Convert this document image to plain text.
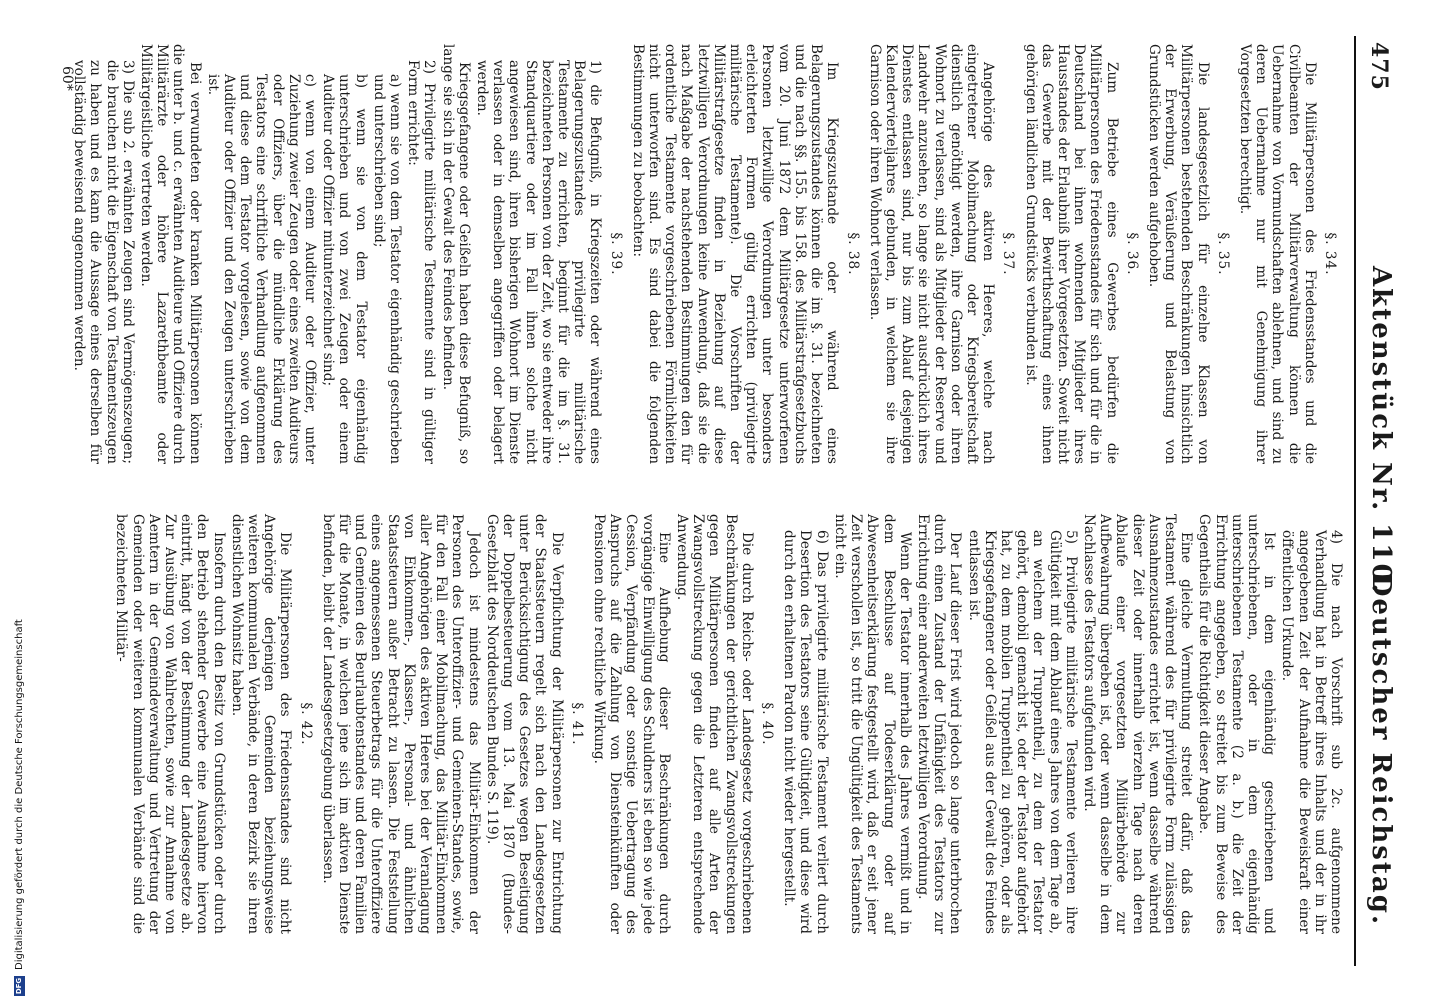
475
Aktenstück Nr. 110.
Deutscher Reichstag.

4) Die nach Vorschrift sub 2c. aufgenommene Verhandlung hat in Betreff ihres Inhalts und der in ihr angegebenen Zeit der Aufnahme die Beweiskraft einer öffentlichen Urkunde.

Ist in dem eigenhändig geschriebenen und unterschriebenen, oder in dem eigenhändig unterschriebenen Testamente (2 a. b.) die Zeit der Errichtung angegeben, so streitet bis zum Beweise des Gegentheils für die Richtigkeit dieser Angabe.

Eine gleiche Vermuthung streitet dafür, daß das Testament während des für privilegirte Form zulässigen Ausnahmezustandes errichtet ist, wenn dasselbe während dieser Zeit oder innerhalb vierzehn Tage nach deren Ablaufe einer vorgesetzten Militärbehörde zur Aufbewahrung übergeben ist, oder wenn dasselbe in dem Nachlasse des Testators aufgefunden wird.

5) Privilegirte militärische Testamente verlieren ihre Gültigkeit mit dem Ablauf eines Jahres von dem Tage ab, an welchem der Truppentheil, zu dem der Testator gehört, demobil gemacht ist, oder der Testator aufgehört hat, zu dem mobilen Truppentheil zu gehören, oder als Kriegsgefangener oder Geißel aus der Gewalt des Feindes entlassen ist.

Der Lauf dieser Frist wird jedoch so lange unterbrochen durch einen Zustand der Unfähigkeit des Testators zur Errichtung einer anderweiten letztwilligen Verordnung.

Wenn der Testator innerhalb des Jahres vermißt und in dem Beschlusse auf Todeserklärung oder auf Abwesenheitserklärung festgestellt wird, daß er seit jener Zeit verschollen ist, so tritt die Ungültigkeit des Testaments nicht ein.

6) Das privilegirte militärische Testament verliert durch Desertion des Testators seine Gültigkeit, und diese wird durch den erhaltenen Pardon nicht wieder hergestellt.

§. 40.

Die durch Reichs- oder Landesgesetz vorgeschriebenen Beschränkungen der gerichtlichen Zwangsvollstreckungen gegen Militärpersonen finden auf alle Arten der Zwangsvollstreckung gegen die Letzteren entsprechende Anwendung.

Eine Aufhebung dieser Beschränkungen durch vorgängige Einwilligung des Schuldners ist eben so wie jede Cession, Verpfändung oder sonstige Uebertragung des Anspruchs auf die Zahlung von Diensteinkünften oder Pensionen ohne rechtliche Wirkung.

§. 41.

Die Verpflichtung der Militärpersonen zur Entrichtung der Staatssteuern regelt sich nach den Landesgesetzen unter Berücksichtigung des Gesetzes wegen Beseitigung der Doppelbesteuerung vom 13. Mai 1870 (Bundes-Gesetzblatt des Norddeutschen Bundes S. 119).

Jedoch ist mindestens das Militär-Einkommen der Personen des Unteroffizier- und Gemeinen-Standes, sowie, für den Fall einer Mobilmachung, das Militär-Einkommen aller Angehörigen des aktiven Heeres bei der Veranlagung von Einkommen-, Klassen-, Personal- und ähnlichen Staatssteuern außer Betracht zu lassen. Die Feststellung eines angemessenen Steuerbetrags für die Unteroffiziere und Gemeinen des Beurlaubtenstandes und deren Familien für die Monate, in welchen jene sich im aktiven Dienste befinden, bleibt der Landesgesetzgebung überlassen.

§. 42.

Die Militärpersonen des Friedensstandes sind nicht Angehörige derjenigen Gemeinden beziehungsweise weiteren kommunalen Verbände, in deren Bezirk sie ihren dienstlichen Wohnsitz haben.

Insofern durch den Besitz von Grundstücken oder durch den Betrieb stehender Gewerbe eine Ausnahme hiervon eintritt, hängt von der Bestimmung der Landesgesetze ab. Zur Ausübung von Wahlrechten, sowie zur Annahme von Aemtern in der Gemeindeverwaltung und Vertretung der Gemeinden oder weiteren kommunalen Verbände sind die bezeichneten Militär-

§. 34.

Die Militärpersonen des Friedensstandes und die Civilbeamten der Militärverwaltung können die Uebernahme von Vormundschaften ablehnen, und sind zu deren Uebernahme nur mit Genehmigung ihrer Vorgesetzten berechtigt.

§. 35.

Die landesgesetzlich für einzelne Klassen von Militärpersonen bestehenden Beschränkungen hinsichtlich der Erwerbung, Veräußerung und Belastung von Grundstücken werden aufgehoben.

§. 36.

Zum Betriebe eines Gewerbes bedürfen die Militärpersonen des Friedensstandes für sich und für die in Deutschland bei ihnen wohnenden Mitglieder ihres Hausstandes der Erlaubniß ihrer Vorgesetzten. Soweit nicht das Gewerbe mit der Bewirthschaftung eines ihnen gehörigen ländlichen Grundstücks verbunden ist.

§. 37.

Angehörige des aktiven Heeres, welche nach eingetretener Mobilmachung oder Kriegsbereitschaft dienstlich genöthigt werden, ihre Garnison oder ihren Wohnort zu verlassen, sind als Mitglieder der Reserve und Landwehr anzusehen, so lange sie nicht ausdrücklich ihres Dienstes entlassen sind, nur bis zum Ablauf desjenigen Kalendervierteljahres gebunden, in welchem sie ihre Garnison oder ihren Wohnort verlassen.

§. 38.

Im Kriegszustande oder während eines Belagerungszustandes können die im §. 31. bezeichneten und die nach §§. 155. bis 158. des Militärstrafgesetzbuchs vom 20. Juni 1872 dem Militärgesetze unterworfenen Personen letztwillige Verordnungen unter besonders erleichterten Formen gültig errichten (privilegirte militärische Testamente). Die Vorschriften der Militärstrafgesetze finden in Beziehung auf diese letztwilligen Verordnungen keine Anwendung, daß sie die nach Maßgabe der nachstehenden Bestimmungen den für ordentliche Testamente vorgeschriebenen Förmlichkeiten nicht unterworfen sind. Es sind dabei die folgenden Bestimmungen zu beobachten:

§. 39.

1) die Befugniß, in Kriegszeiten oder während eines Belagerungszustandes privilegirte militärische Testamente zu errichten, beginnt für die im §. 31. bezeichneten Personen von der Zeit, wo sie entweder ihre Standquartiere oder im Fall ihnen solche nicht angewiesen sind, ihren bisherigen Wohnort im Dienste verlassen oder in demselben angegriffen oder belagert werden.

Kriegsgefangene oder Geißeln haben diese Befugniß, so lange sie sich in der Gewalt des Feindes befinden.

2) Privilegirte militärische Testamente sind in gültiger Form errichtet:

a) wenn sie von dem Testator eigenhändig geschrieben und unterschrieben sind;

b) wenn sie von dem Testator eigenhändig unterschrieben und von zwei Zeugen oder einem Auditeur oder Offizier mitunterzeichnet sind;

c) wenn von einem Auditeur oder Offizier, unter Zuziehung zweier Zeugen oder eines zweiten Auditeurs oder Offiziers, über die mündliche Erklärung des Testators eine schriftliche Verhandlung aufgenommen und diese dem Testator vorgelesen, sowie von dem Auditeur oder Offizier und den Zeugen unterschrieben ist.

Bei verwundeten oder kranken Militärpersonen können die unter b. und c. erwähnten Auditeure und Offiziere durch Militärärzte oder höhere Lazarethbeamte oder Militärgeistliche vertreten werden.

3) Die sub 2. erwähnten Zeugen sind Vermögenszeugen; die brauchen nicht die Eigenschaft von Testamentszeugen zu haben und es kann die Aussage eines derselben für vollständig beweisend angenommen werden.

60*
DFG
Digitalisierung gefördert durch die Deutsche Forschungsgemeinschaft
